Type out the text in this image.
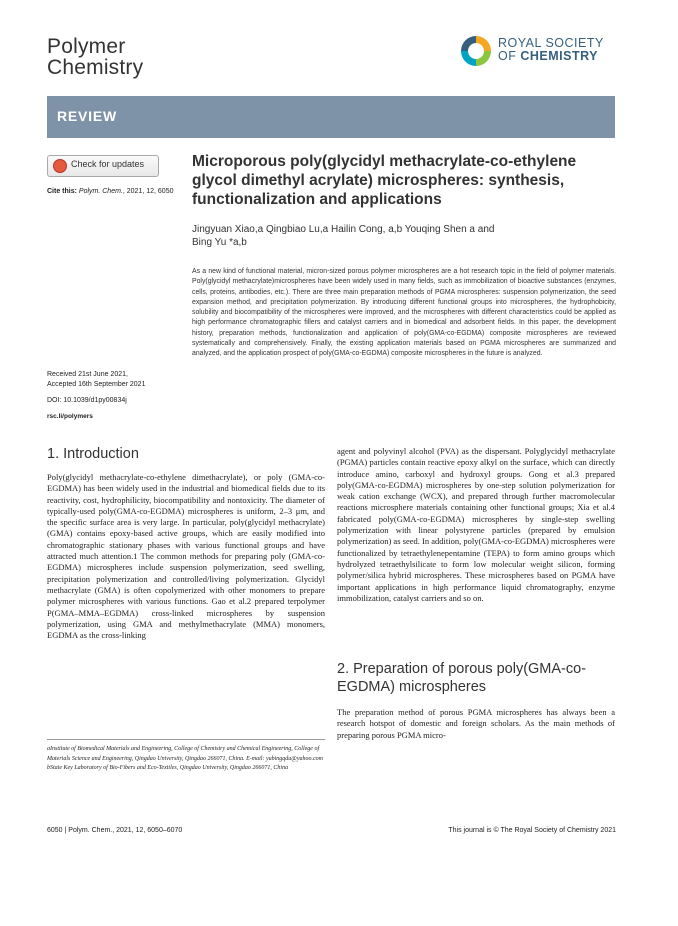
Polymer
Chemistry
ROYAL SOCIETY
OF CHEMISTRY
REVIEW
Check for updates
Cite this: Polym. Chem., 2021, 12, 6050
Microporous poly(glycidyl methacrylate-co-ethylene glycol dimethyl acrylate) microspheres: synthesis, functionalization and applications
Jingyuan Xiao,a Qingbiao Lu,a Hailin Cong, a,b Youqing Shen a and
Bing Yu *a,b
As a new kind of functional material, micron-sized porous polymer microspheres are a hot research topic in the field of polymer materials. Poly(glycidyl methacrylate)microspheres have been widely used in many fields, such as immobilization of bioactive substances (enzymes, cells, proteins, antibodies, etc.). There are three main preparation methods of PGMA microspheres: suspension polymerization, the seed expansion method, and precipitation polymerization. By introducing different functional groups into microspheres, the hydrophobicity, solubility and biocompatibility of the microspheres were improved, and the microspheres with different characteristics could be applied as high performance chromatographic fillers and catalyst carriers and in biomedical and adsorbent fields. In this paper, the development history, preparation methods, functionalization and application of poly(GMA-co-EGDMA) composite microspheres are reviewed systematically and comprehensively. Finally, the existing application materials based on PGMA microspheres are summarized and analyzed, and the application prospect of poly(GMA-co-EGDMA) composite microspheres in the future is analyzed.
Received 21st June 2021,
Accepted 16th September 2021
DOI: 10.1039/d1py00834j
rsc.li/polymers
1. Introduction
Poly(glycidyl methacrylate-co-ethylene dimethacrylate), or poly (GMA-co-EGDMA) has been widely used in the industrial and biomedical fields due to its reactivity, cost, hydrophilicity, biocompatibility and nontoxicity. The diameter of typically-used poly(GMA-co-EGDMA) microspheres is uniform, 2–3 μm, and the specific surface area is very large. In particular, poly(glycidyl methacrylate) (GMA) contains epoxy-based active groups, which are easily modified into chromatographic stationary phases with various functional groups and have attracted much attention.1 The common methods for preparing poly (GMA-co-EGDMA) microspheres include suspension polymerization, seed swelling, precipitation polymerization and controlled/living polymerization. Glycidyl methacrylate (GMA) is often copolymerized with other monomers to prepare polymer microspheres with various functions. Gao et al.2 prepared terpolymer P(GMA–MMA–EGDMA) cross-linked microspheres by suspension polymerization, using GMA and methylmethacrylate (MMA) monomers, EGDMA as the cross-linking
agent and polyvinyl alcohol (PVA) as the dispersant. Polyglycidyl methacrylate (PGMA) particles contain reactive epoxy alkyl on the surface, which can directly introduce amino, carboxyl and hydroxyl groups. Gong et al.3 prepared poly(GMA-co-EGDMA) microspheres by one-step solution polymerization for weak cation exchange (WCX), and prepared through further macromolecular reactions microsphere materials containing other functional groups; Xia et al.4 fabricated poly(GMA-co-EGDMA) microspheres by single-step swelling polymerization with linear polystyrene particles (prepared by emulsion polymerization) as seed. In addition, poly(GMA-co-EGDMA) microspheres were functionalized by tetraethylenepentamine (TEPA) to form amino groups which hydrolyzed tetraethylsilicate to form low molecular weight silicon, forming polymer/silica hybrid microspheres. These microspheres based on PGMA have important applications in high performance liquid chromatography, enzyme immobilization, catalyst carriers and so on.
2. Preparation of porous poly(GMA-co-EGDMA) microspheres
The preparation method of porous PGMA microspheres has always been a research hotspot of domestic and foreign scholars. As the main methods of preparing porous PGMA micro-
aInstitute of Biomedical Materials and Engineering, College of Chemistry and Chemical Engineering, College of Materials Science and Engineering, Qingdao University, Qingdao 266071, China. E-mail: yubingqdu@yahoo.com
bState Key Laboratory of Bio-Fibers and Eco-Textiles, Qingdao University, Qingdao 266071, China
6050 | Polym. Chem., 2021, 12, 6050–6070	This journal is © The Royal Society of Chemistry 2021
